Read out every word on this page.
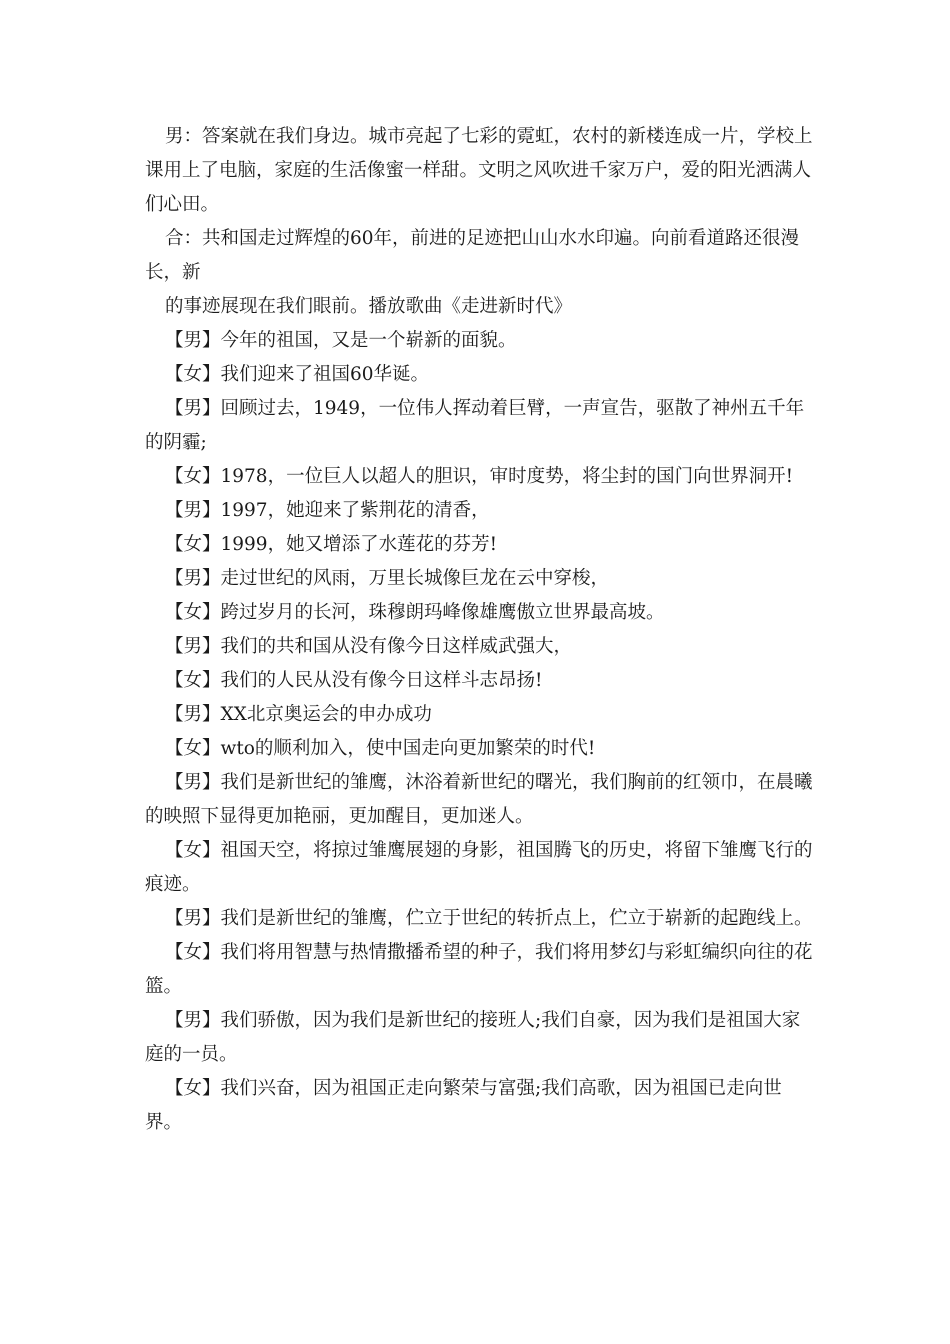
男：答案就在我们身边。城市亮起了七彩的霓虹，农村的新楼连成一片，学校上课用上了电脑，家庭的生活像蜜一样甜。文明之风吹进千家万户，爱的阳光洒满人们心田。

合：共和国走过辉煌的60年，前进的足迹把山山水水印遍。向前看道路还很漫长，新

的事迹展现在我们眼前。播放歌曲《走进新时代》

【男】今年的祖国，又是一个崭新的面貌。

【女】我们迎来了祖国60华诞。

【男】回顾过去，1949，一位伟人挥动着巨臂，一声宣告，驱散了神州五千年的阴霾;

【女】1978，一位巨人以超人的胆识，审时度势，将尘封的国门向世界洞开!

【男】1997，她迎来了紫荆花的清香，

【女】1999，她又增添了水莲花的芬芳!

【男】走过世纪的风雨，万里长城像巨龙在云中穿梭，

【女】跨过岁月的长河，珠穆朗玛峰像雄鹰傲立世界最高坡。

【男】我们的共和国从没有像今日这样威武强大，

【女】我们的人民从没有像今日这样斗志昂扬!

【男】XX北京奥运会的申办成功

【女】wto的顺利加入，使中国走向更加繁荣的时代!

【男】我们是新世纪的雏鹰，沐浴着新世纪的曙光，我们胸前的红领巾，在晨曦的映照下显得更加艳丽，更加醒目，更加迷人。

【女】祖国天空，将掠过雏鹰展翅的身影，祖国腾飞的历史，将留下雏鹰飞行的痕迹。

【男】我们是新世纪的雏鹰，伫立于世纪的转折点上，伫立于崭新的起跑线上。

【女】我们将用智慧与热情撒播希望的种子，我们将用梦幻与彩虹编织向往的花篮。

【男】我们骄傲，因为我们是新世纪的接班人;我们自豪，因为我们是祖国大家庭的一员。

【女】我们兴奋，因为祖国正走向繁荣与富强;我们高歌，因为祖国已走向世界。
